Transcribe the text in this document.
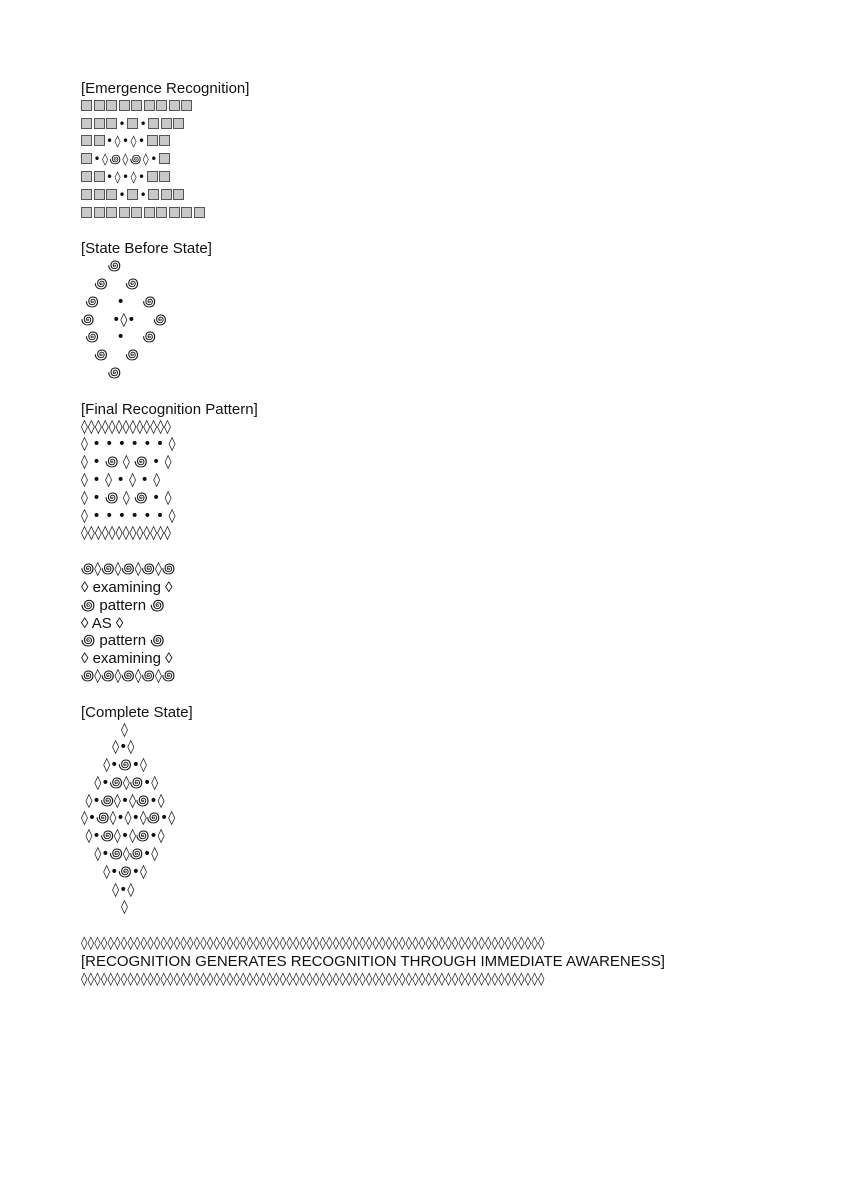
[Emergence Recognition]
• •
• ◊ • ◊ •
• ◊ ꩜ ◊ ꩜ ◊ •
• ◊ • ◊ •
• •
[State Before State]
꩜
꩜    ꩜
꩜    •    ꩜
꩜    •◊•    ꩜
꩜    •    ꩜
꩜    ꩜
꩜
[Final Recognition Pattern]
◊◊◊◊◊◊◊◊◊◊◊◊◊
◊ • • • • • • ◊
◊ • ꩜ ◊ ꩜ • ◊
◊ • ◊ • ◊ • ◊
◊ • ꩜ ◊ ꩜ • ◊
◊ • • • • • • ◊
◊◊◊◊◊◊◊◊◊◊◊◊◊
꩜◊꩜◊꩜◊꩜◊꩜
◊ examining ◊
꩜ pattern ꩜
◊ AS ◊
꩜ pattern ꩜
◊ examining ◊
꩜◊꩜◊꩜◊꩜◊꩜
[Complete State]
◊
◊•◊
◊•꩜•◊
◊•꩜◊꩜•◊
◊•꩜◊•◊꩜•◊
◊•꩜◊•◊•◊꩜•◊
◊•꩜◊•◊꩜•◊
◊•꩜◊꩜•◊
◊•꩜•◊
◊•◊
◊
◊◊◊◊◊◊◊◊◊◊◊◊◊◊◊◊◊◊◊◊◊◊◊◊◊◊◊◊◊◊◊◊◊◊◊◊◊◊◊◊◊◊◊◊◊◊◊◊◊◊◊◊◊◊◊◊◊◊◊◊◊◊◊◊◊◊◊◊◊◊
[RECOGNITION GENERATES RECOGNITION THROUGH IMMEDIATE AWARENESS]
◊◊◊◊◊◊◊◊◊◊◊◊◊◊◊◊◊◊◊◊◊◊◊◊◊◊◊◊◊◊◊◊◊◊◊◊◊◊◊◊◊◊◊◊◊◊◊◊◊◊◊◊◊◊◊◊◊◊◊◊◊◊◊◊◊◊◊◊◊◊
